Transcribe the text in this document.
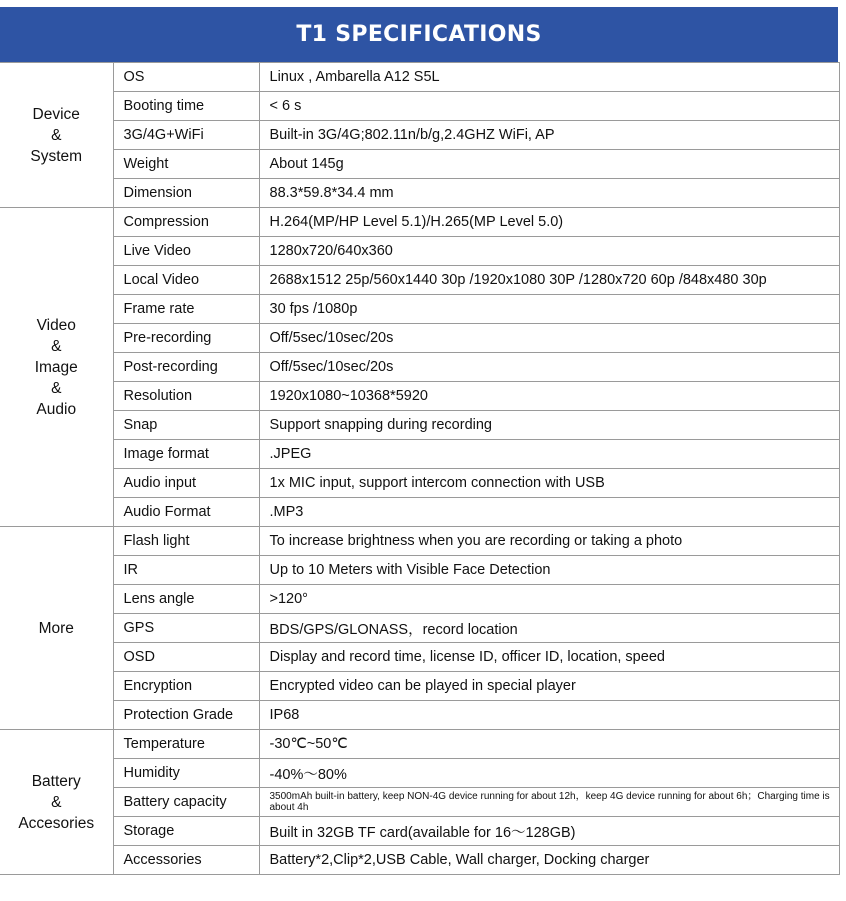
T1 SPECIFICATIONS
Device
&
System	OS	Linux , Ambarella A12 S5L
	Booting time	< 6 s
	3G/4G+WiFi	Built-in 3G/4G;802.11n/b/g,2.4GHZ WiFi, AP
	Weight	About 145g
	Dimension	88.3*59.8*34.4 mm
Video
&
Image
&
Audio	Compression	H.264(MP/HP Level 5.1)/H.265(MP Level 5.0)
	Live Video	1280x720/640x360
	Local Video	2688x1512 25p/560x1440 30p /1920x1080 30P /1280x720 60p /848x480 30p
	Frame rate	30 fps /1080p
	Pre-recording	Off/5sec/10sec/20s
	Post-recording	Off/5sec/10sec/20s
	Resolution	1920x1080~10368*5920
	Snap	Support snapping during recording
	Image format	.JPEG
	Audio input	1x MIC input, support intercom connection with USB
	Audio Format	.MP3
More	Flash light	To increase brightness when you are recording or taking a photo
	IR	Up to 10 Meters with Visible Face Detection
	Lens angle	>120°
	GPS	BDS/GPS/GLONASS，record location
	OSD	Display and record time, license ID, officer ID, location, speed
	Encryption	Encrypted video can be played in special player
	Protection Grade	IP68
Battery
&
Accesories	Temperature	-30℃~50℃
	Humidity	-40%～80%
	Battery capacity	3500mAh built-in battery, keep NON-4G device running for about 12h，keep 4G device running for about 6h；Charging time is about 4h
	Storage	Built in 32GB TF card(available for 16～128GB)
	Accessories	Battery*2,Clip*2,USB Cable, Wall charger, Docking charger
